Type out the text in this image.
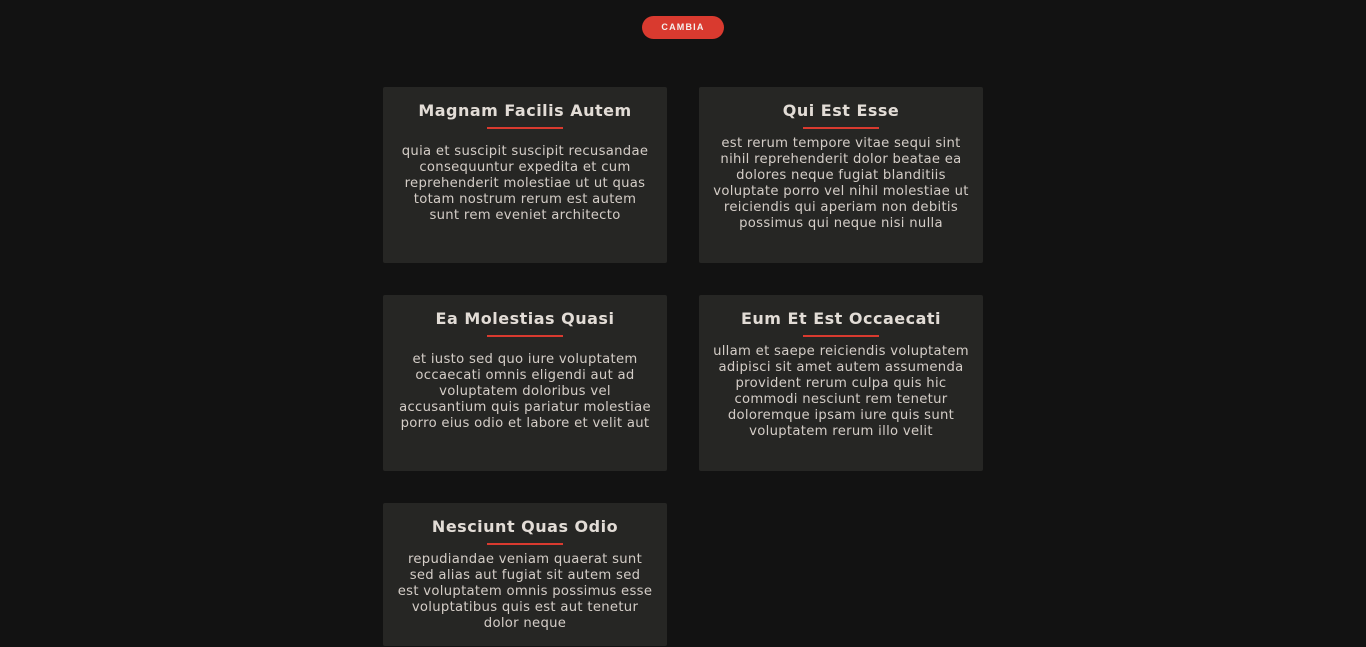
CAMBIA
Magnam Facilis Autem

quia et suscipit suscipit recusandae consequuntur expedita et cum reprehenderit molestiae ut ut quas totam nostrum rerum est autem sunt rem eveniet architecto

Qui Est Esse

est rerum tempore vitae sequi sint nihil reprehenderit dolor beatae ea dolores neque fugiat blanditiis voluptate porro vel nihil molestiae ut reiciendis qui aperiam non debitis possimus qui neque nisi nulla

Ea Molestias Quasi

et iusto sed quo iure voluptatem occaecati omnis eligendi aut ad voluptatem doloribus vel accusantium quis pariatur molestiae porro eius odio et labore et velit aut

Eum Et Est Occaecati

ullam et saepe reiciendis voluptatem adipisci sit amet autem assumenda provident rerum culpa quis hic commodi nesciunt rem tenetur doloremque ipsam iure quis sunt voluptatem rerum illo velit

Nesciunt Quas Odio

repudiandae veniam quaerat sunt sed alias aut fugiat sit autem sed est voluptatem omnis possimus esse voluptatibus quis est aut tenetur dolor neque
